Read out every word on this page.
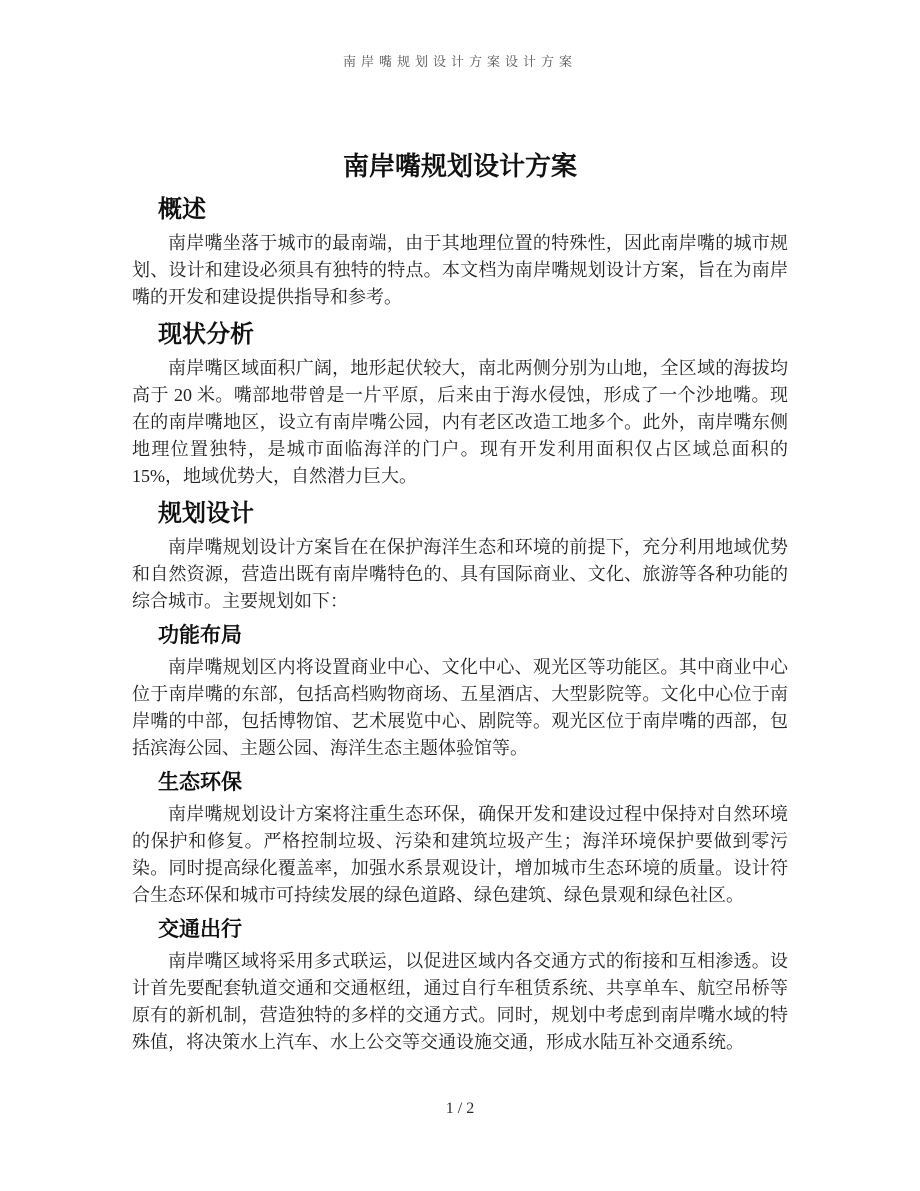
南岸嘴规划设计方案设计方案
南岸嘴规划设计方案
概述

南岸嘴坐落于城市的最南端，由于其地理位置的特殊性，因此南岸嘴的城市规划、设计和建设必须具有独特的特点。本文档为南岸嘴规划设计方案，旨在为南岸嘴的开发和建设提供指导和参考。

现状分析

南岸嘴区域面积广阔，地形起伏较大，南北两侧分别为山地，全区域的海拔均高于 20 米。嘴部地带曾是一片平原，后来由于海水侵蚀，形成了一个沙地嘴。现在的南岸嘴地区，设立有南岸嘴公园，内有老区改造工地多个。此外，南岸嘴东侧地理位置独特，是城市面临海洋的门户。现有开发利用面积仅占区域总面积的15%，地域优势大，自然潜力巨大。

规划设计

南岸嘴规划设计方案旨在在保护海洋生态和环境的前提下，充分利用地域优势和自然资源，营造出既有南岸嘴特色的、具有国际商业、文化、旅游等各种功能的综合城市。主要规划如下：

功能布局

南岸嘴规划区内将设置商业中心、文化中心、观光区等功能区。其中商业中心位于南岸嘴的东部，包括高档购物商场、五星酒店、大型影院等。文化中心位于南岸嘴的中部，包括博物馆、艺术展览中心、剧院等。观光区位于南岸嘴的西部，包括滨海公园、主题公园、海洋生态主题体验馆等。

生态环保

南岸嘴规划设计方案将注重生态环保，确保开发和建设过程中保持对自然环境的保护和修复。严格控制垃圾、污染和建筑垃圾产生；海洋环境保护要做到零污染。同时提高绿化覆盖率，加强水系景观设计，增加城市生态环境的质量。设计符合生态环保和城市可持续发展的绿色道路、绿色建筑、绿色景观和绿色社区。

交通出行

南岸嘴区域将采用多式联运，以促进区域内各交通方式的衔接和互相渗透。设计首先要配套轨道交通和交通枢纽，通过自行车租赁系统、共享单车、航空吊桥等原有的新机制，营造独特的多样的交通方式。同时，规划中考虑到南岸嘴水域的特殊值，将决策水上汽车、水上公交等交通设施交通，形成水陆互补交通系统。

1 / 2
